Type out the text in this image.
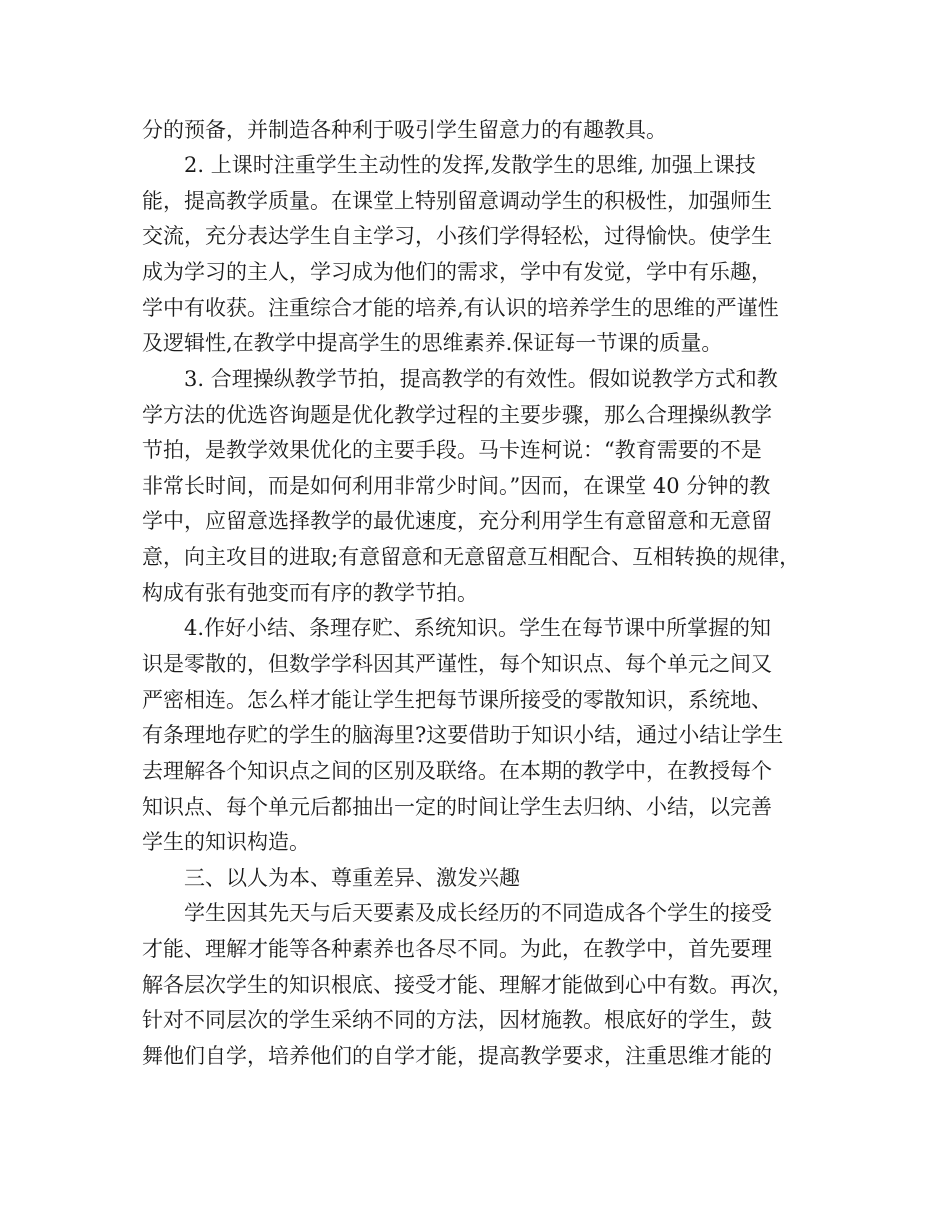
分的预备，并制造各种利于吸引学生留意力的有趣教具。
2. 上课时注重学生主动性的发挥,发散学生的思维, 加强上课技
能，提高教学质量。在课堂上特别留意调动学生的积极性，加强师生
交流，充分表达学生自主学习，小孩们学得轻松，过得愉快。使学生
成为学习的主人，学习成为他们的需求，学中有发觉，学中有乐趣，
学中有收获。注重综合才能的培养,有认识的培养学生的思维的严谨性
及逻辑性,在教学中提高学生的思维素养.保证每一节课的质量。
3. 合理操纵教学节拍，提高教学的有效性。假如说教学方式和教
学方法的优选咨询题是优化教学过程的主要步骤，那么合理操纵教学
节拍，是教学效果优化的主要手段。马卡连柯说：“教育需要的不是
非常长时间，而是如何利用非常少时间。”因而，在课堂 40 分钟的教
学中，应留意选择教学的最优速度，充分利用学生有意留意和无意留
意，向主攻目的进取;有意留意和无意留意互相配合、互相转换的规律，
构成有张有弛变而有序的教学节拍。
4.作好小结、条理存贮、系统知识。学生在每节课中所掌握的知
识是零散的，但数学学科因其严谨性，每个知识点、每个单元之间又
严密相连。怎么样才能让学生把每节课所接受的零散知识，系统地、
有条理地存贮的学生的脑海里?这要借助于知识小结，通过小结让学生
去理解各个知识点之间的区别及联络。在本期的教学中，在教授每个
知识点、每个单元后都抽出一定的时间让学生去归纳、小结，以完善
学生的知识构造。
三、以人为本、尊重差异、激发兴趣
学生因其先天与后天要素及成长经历的不同造成各个学生的接受
才能、理解才能等各种素养也各尽不同。为此，在教学中，首先要理
解各层次学生的知识根底、接受才能、理解才能做到心中有数。再次，
针对不同层次的学生采纳不同的方法，因材施教。根底好的学生，鼓
舞他们自学，培养他们的自学才能，提高教学要求，注重思维才能的
